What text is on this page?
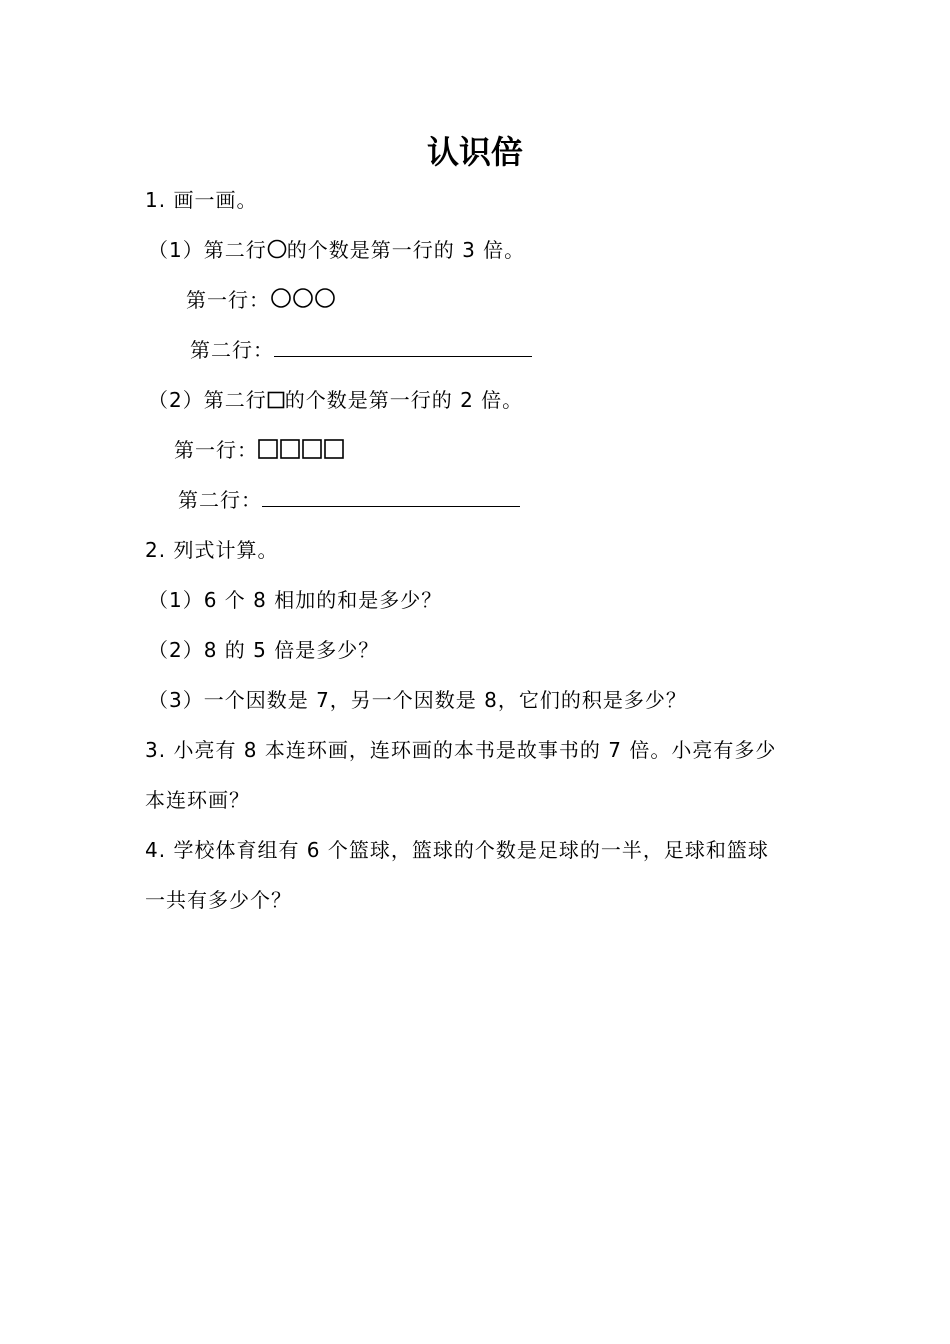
认识倍
1. 画一画。
（1）第二行 的个数是第一行的 3 倍。
第一行：
第二行：
（2）第二行 的个数是第一行的 2 倍。
第一行：
第二行：
2. 列式计算。
（1）6 个 8 相加的和是多少？
（2）8 的 5 倍是多少？
（3）一个因数是 7，另一个因数是 8，它们的积是多少？
3. 小亮有 8 本连环画，连环画的本书是故事书的 7 倍。小亮有多少
本连环画？
4. 学校体育组有 6 个篮球，篮球的个数是足球的一半，足球和篮球
一共有多少个？
